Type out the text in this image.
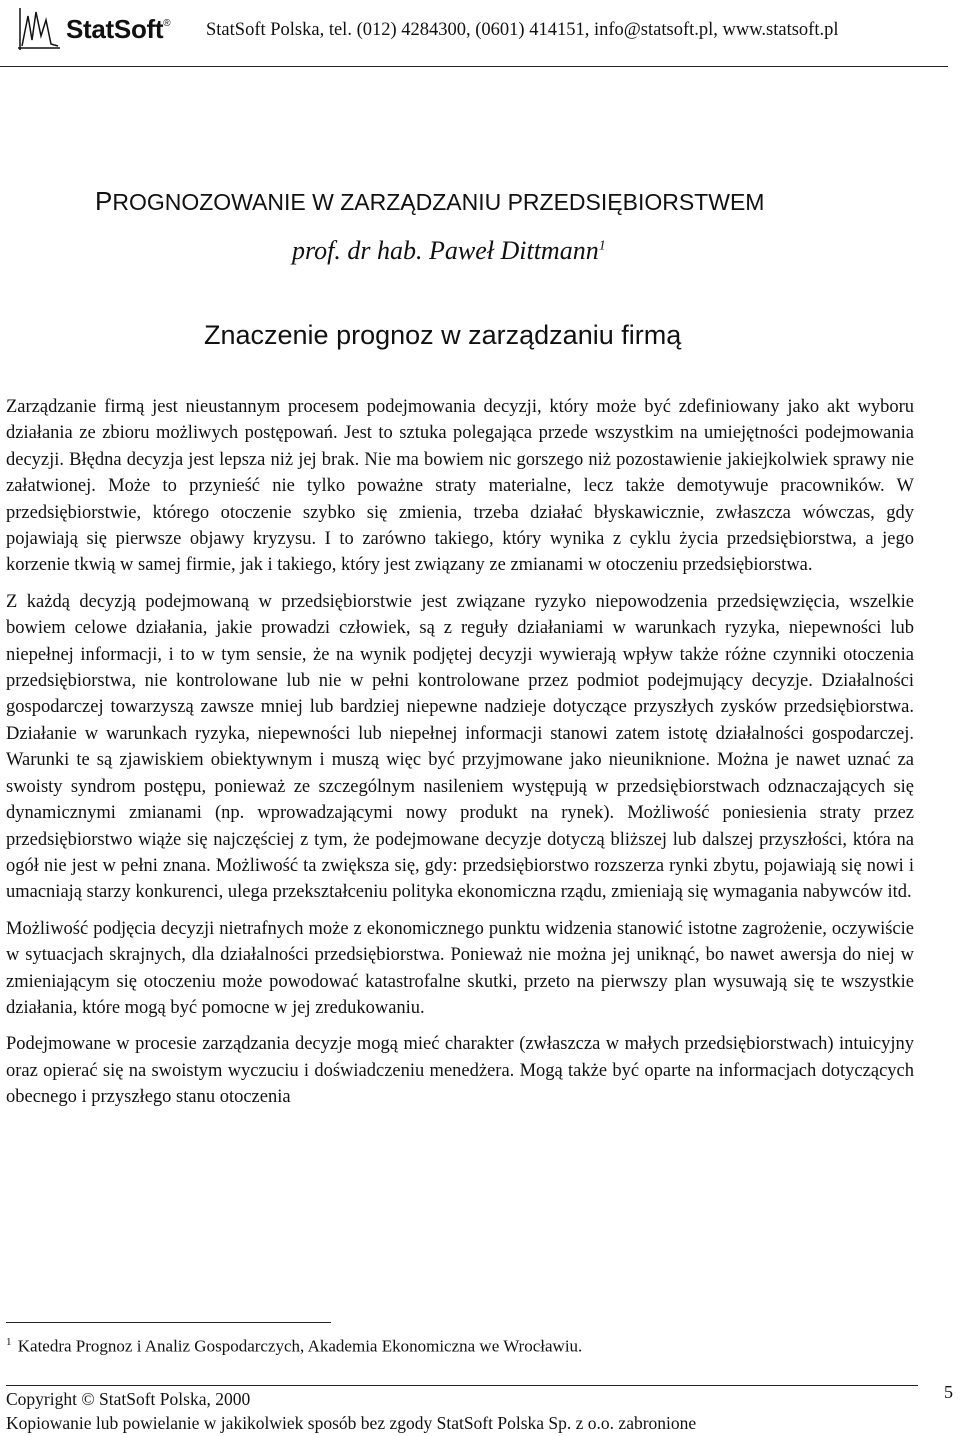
StatSoft® StatSoft Polska, tel. (012) 4284300, (0601) 414151, info@statsoft.pl, www.statsoft.pl
PROGNOZOWANIE W ZARZĄDZANIU PRZEDSIĘBIORSTWEM
prof. dr hab. Paweł Dittmann$^1$
Znaczenie prognoz w zarządzaniu firmą

Zarządzanie firmą jest nieustannym procesem podejmowania decyzji, który może być zdefiniowany jako akt wyboru działania ze zbioru możliwych postępowań. Jest to sztuka polegająca przede wszystkim na umiejętności podejmowania decyzji. Błędna decyzja jest lepsza niż jej brak. Nie ma bowiem nic gorszego niż pozostawienie jakiejkolwiek sprawy nie załatwionej. Może to przynieść nie tylko poważne straty materialne, lecz także demotywuje pracowników. W przedsiębiorstwie, którego otoczenie szybko się zmienia, trzeba działać błyskawicznie, zwłaszcza wówczas, gdy pojawiają się pierwsze objawy kryzysu. I to zarówno takiego, który wynika z cyklu życia przedsiębiorstwa, a jego korzenie tkwią w samej firmie, jak i takiego, który jest związany ze zmianami w otoczeniu przedsiębiorstwa.

Z każdą decyzją podejmowaną w przedsiębiorstwie jest związane ryzyko niepowodzenia przedsięwzięcia, wszelkie bowiem celowe działania, jakie prowadzi człowiek, są z reguły działaniami w warunkach ryzyka, niepewności lub niepełnej informacji, i to w tym sensie, że na wynik podjętej decyzji wywierają wpływ także różne czynniki otoczenia przedsiębiorstwa, nie kontrolowane lub nie w pełni kontrolowane przez podmiot podejmujący decyzje. Działalności gospodarczej towarzyszą zawsze mniej lub bardziej niepewne nadzieje dotyczące przyszłych zysków przedsiębiorstwa. Działanie w warunkach ryzyka, niepewności lub niepełnej informacji stanowi zatem istotę działalności gospodarczej. Warunki te są zjawiskiem obiektywnym i muszą więc być przyjmowane jako nieuniknione. Można je nawet uznać za swoisty syndrom postępu, ponieważ ze szczególnym nasileniem występują w przedsiębiorstwach odznaczających się dynamicznymi zmianami (np. wprowadzającymi nowy produkt na rynek). Możliwość poniesienia straty przez przedsiębiorstwo wiąże się najczęściej z tym, że podejmowane decyzje dotyczą bliższej lub dalszej przyszłości, która na ogół nie jest w pełni znana. Możliwość ta zwiększa się, gdy: przedsiębiorstwo rozszerza rynki zbytu, pojawiają się nowi i umacniają starzy konkurenci, ulega przekształceniu polityka ekonomiczna rządu, zmieniają się wymagania nabywców itd.

Możliwość podjęcia decyzji nietrafnych może z ekonomicznego punktu widzenia stanowić istotne zagrożenie, oczywiście w sytuacjach skrajnych, dla działalności przedsiębiorstwa. Ponieważ nie można jej uniknąć, bo nawet awersja do niej w zmieniającym się otoczeniu może powodować katastrofalne skutki, przeto na pierwszy plan wysuwają się te wszystkie działania, które mogą być pomocne w jej zredukowaniu.

Podejmowane w procesie zarządzania decyzje mogą mieć charakter (zwłaszcza w małych przedsiębiorstwach) intuicyjny oraz opierać się na swoistym wyczuciu i doświadczeniu menedżera. Mogą także być oparte na informacjach dotyczących obecnego i przyszłego stanu otoczenia

$^1$ Katedra Prognoz i Analiz Gospodarczych, Akademia Ekonomiczna we Wrocławiu.
Copyright © StatSoft Polska, 2000
Kopiowanie lub powielanie w jakikolwiek sposób bez zgody StatSoft Polska Sp. z o.o. zabronione
5
